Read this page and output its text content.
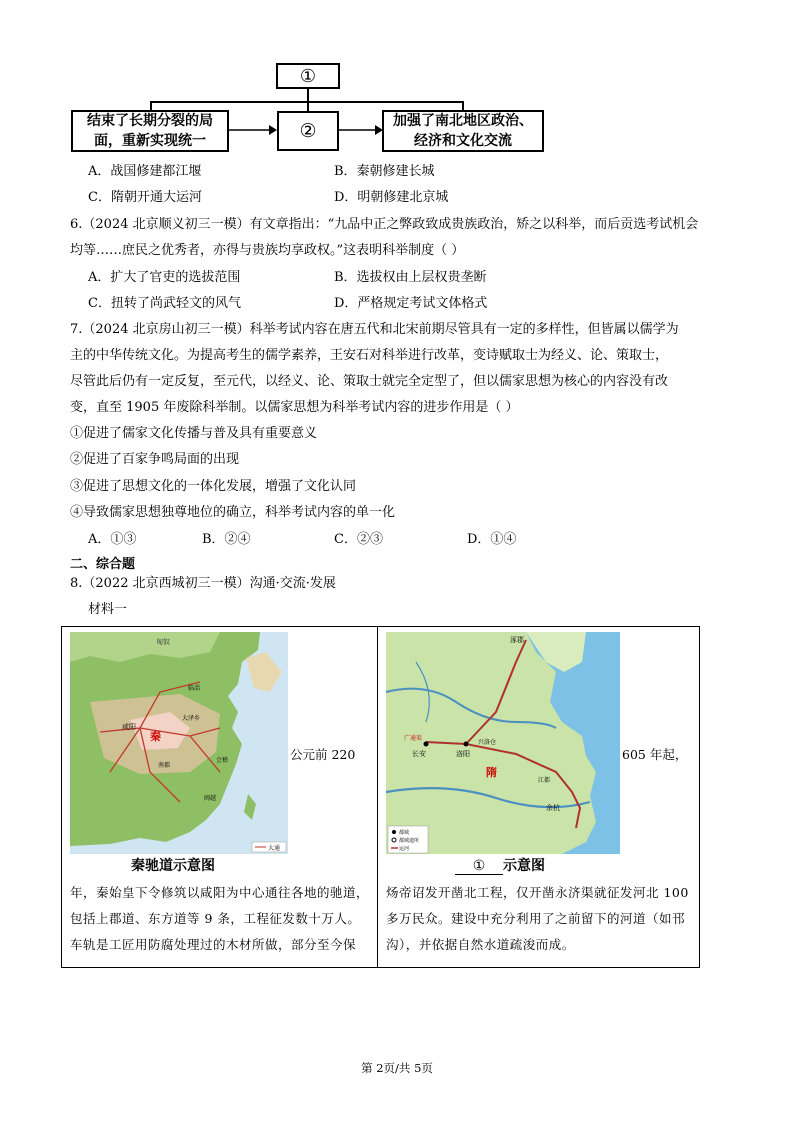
①
结束了长期分裂的局
面，重新实现统一	②	加强了南北地区政治、
经济和文化交流
A．战国修建都江堰	B．秦朝修建长城
C．隋朝开通大运河	D．明朝修建北京城
6.（2024 北京顺义初三一模）有文章指出：“九品中正之弊政致成贵族政治，矫之以科举，而后贡选考试机会
均等……庶民之优秀者，亦得与贵族均享政权。”这表明科举制度（ ）
A．扩大了官吏的选拔范围	B．选拔权由上层权贵垄断
C．扭转了尚武轻文的风气	D．严格规定考试文体格式
7.（2024 北京房山初三一模）科举考试内容在唐五代和北宋前期尽管具有一定的多样性，但皆属以儒学为
主的中华传统文化。为提高考生的儒学素养，王安石对科举进行改革，变诗赋取士为经义、论、策取士，
尽管此后仍有一定反复，至元代，以经义、论、策取士就完全定型了，但以儒家思想为核心的内容没有改
变，直至 1905 年废除科举制。以儒家思想为科举考试内容的进步作用是（ ）
①促进了儒家文化传播与普及具有重要意义
②促进了百家争鸣局面的出现
③促进了思想文化的一体化发展，增强了文化认同
④导致儒家思想独尊地位的确立，科举考试内容的单一化
A．①③	B．②④	C．②③	D．①④
二、综合题
8.（2022 北京西城初三一模）沟通·交流·发展
材料一
秦
匈奴
咸阳
大泽乡
临淄
南郡
会稽
闽越
大通
秦驰道示意图
公元前 220
年，秦始皇下令修筑以咸阳为中心通往各地的驰道，
包括上郡道、东方道等 9 条，工程征发数十万人。
车轨是工匠用防腐处理过的木材所做，部分至今保
涿郡
洛阳
长安
余杭
江都
隋
兴洛仓
广通渠
都城
都城遗所
运河
① 示意图
605 年起，
炀帝诏发开凿北工程，仅开凿永济渠就征发河北 100
多万民众。建设中充分利用了之前留下的河道（如邗
沟），并依据自然水道疏浚而成。
第 2页/共 5页
